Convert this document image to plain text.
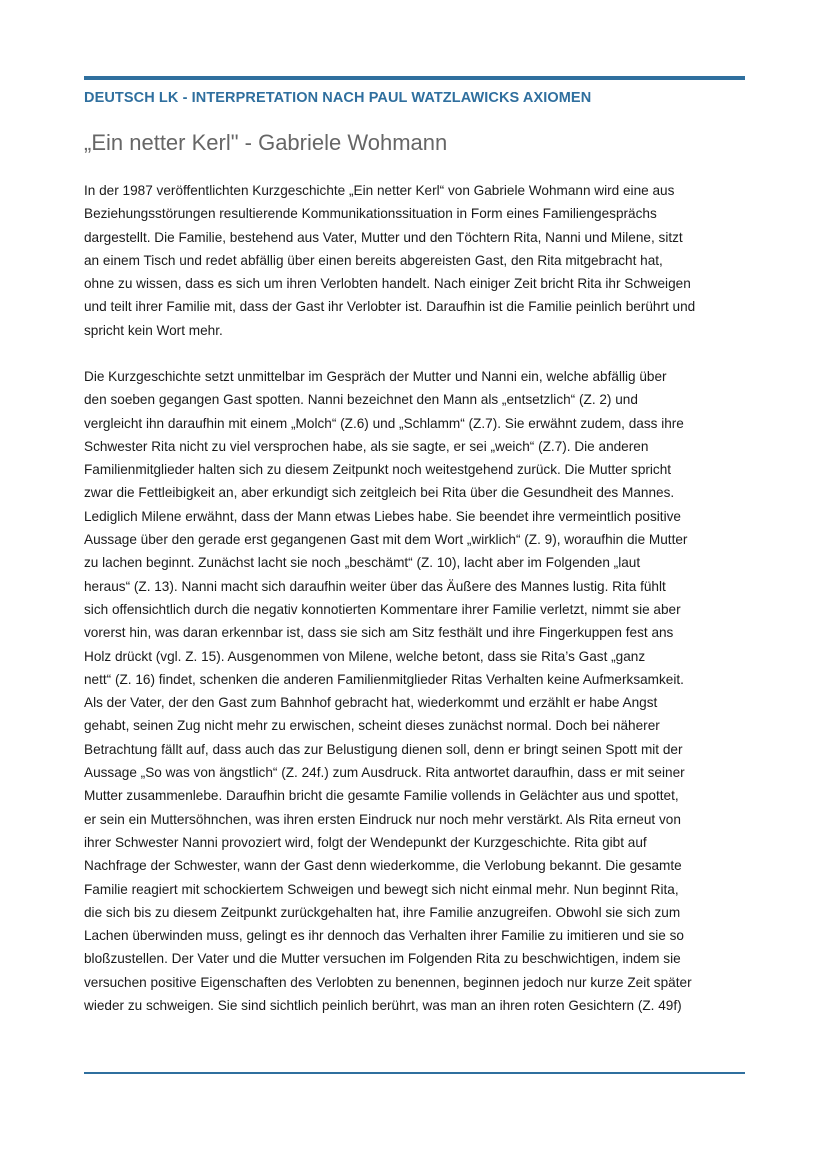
DEUTSCH LK - INTERPRETATION NACH PAUL WATZLAWICKS AXIOMEN
„Ein netter Kerl" - Gabriele Wohmann
In der 1987 veröffentlichten Kurzgeschichte „Ein netter Kerl“ von Gabriele Wohmann wird eine aus
Beziehungsstörungen resultierende Kommunikationssituation in Form eines Familiengesprächs
dargestellt. Die Familie, bestehend aus Vater, Mutter und den Töchtern Rita, Nanni und Milene, sitzt
an einem Tisch und redet abfällig über einen bereits abgereisten Gast, den Rita mitgebracht hat,
ohne zu wissen, dass es sich um ihren Verlobten handelt. Nach einiger Zeit bricht Rita ihr Schweigen
und teilt ihrer Familie mit, dass der Gast ihr Verlobter ist. Daraufhin ist die Familie peinlich berührt und
spricht kein Wort mehr.
Die Kurzgeschichte setzt unmittelbar im Gespräch der Mutter und Nanni ein, welche abfällig über
den soeben gegangen Gast spotten. Nanni bezeichnet den Mann als „entsetzlich“ (Z. 2) und
vergleicht ihn daraufhin mit einem „Molch“ (Z.6) und „Schlamm“ (Z.7). Sie erwähnt zudem, dass ihre
Schwester Rita nicht zu viel versprochen habe, als sie sagte, er sei „weich“ (Z.7). Die anderen
Familienmitglieder halten sich zu diesem Zeitpunkt noch weitestgehend zurück. Die Mutter spricht
zwar die Fettleibigkeit an, aber erkundigt sich zeitgleich bei Rita über die Gesundheit des Mannes.
Lediglich Milene erwähnt, dass der Mann etwas Liebes habe. Sie beendet ihre vermeintlich positive
Aussage über den gerade erst gegangenen Gast mit dem Wort „wirklich“ (Z. 9), woraufhin die Mutter
zu lachen beginnt. Zunächst lacht sie noch „beschämt“ (Z. 10), lacht aber im Folgenden „laut
heraus“ (Z. 13). Nanni macht sich daraufhin weiter über das Äußere des Mannes lustig. Rita fühlt
sich offensichtlich durch die negativ konnotierten Kommentare ihrer Familie verletzt, nimmt sie aber
vorerst hin, was daran erkennbar ist, dass sie sich am Sitz festhält und ihre Fingerkuppen fest ans
Holz drückt (vgl. Z. 15). Ausgenommen von Milene, welche betont, dass sie Rita’s Gast „ganz
nett“ (Z. 16) findet, schenken die anderen Familienmitglieder Ritas Verhalten keine Aufmerksamkeit.
Als der Vater, der den Gast zum Bahnhof gebracht hat, wiederkommt und erzählt er habe Angst
gehabt, seinen Zug nicht mehr zu erwischen, scheint dieses zunächst normal. Doch bei näherer
Betrachtung fällt auf, dass auch das zur Belustigung dienen soll, denn er bringt seinen Spott mit der
Aussage „So was von ängstlich“ (Z. 24f.) zum Ausdruck. Rita antwortet daraufhin, dass er mit seiner
Mutter zusammenlebe. Daraufhin bricht die gesamte Familie vollends in Gelächter aus und spottet,
er sein ein Muttersöhnchen, was ihren ersten Eindruck nur noch mehr verstärkt. Als Rita erneut von
ihrer Schwester Nanni provoziert wird, folgt der Wendepunkt der Kurzgeschichte. Rita gibt auf
Nachfrage der Schwester, wann der Gast denn wiederkomme, die Verlobung bekannt. Die gesamte
Familie reagiert mit schockiertem Schweigen und bewegt sich nicht einmal mehr. Nun beginnt Rita,
die sich bis zu diesem Zeitpunkt zurückgehalten hat, ihre Familie anzugreifen. Obwohl sie sich zum
Lachen überwinden muss, gelingt es ihr dennoch das Verhalten ihrer Familie zu imitieren und sie so
bloßzustellen. Der Vater und die Mutter versuchen im Folgenden Rita zu beschwichtigen, indem sie
versuchen positive Eigenschaften des Verlobten zu benennen, beginnen jedoch nur kurze Zeit später
wieder zu schweigen. Sie sind sichtlich peinlich berührt, was man an ihren roten Gesichtern (Z. 49f)
